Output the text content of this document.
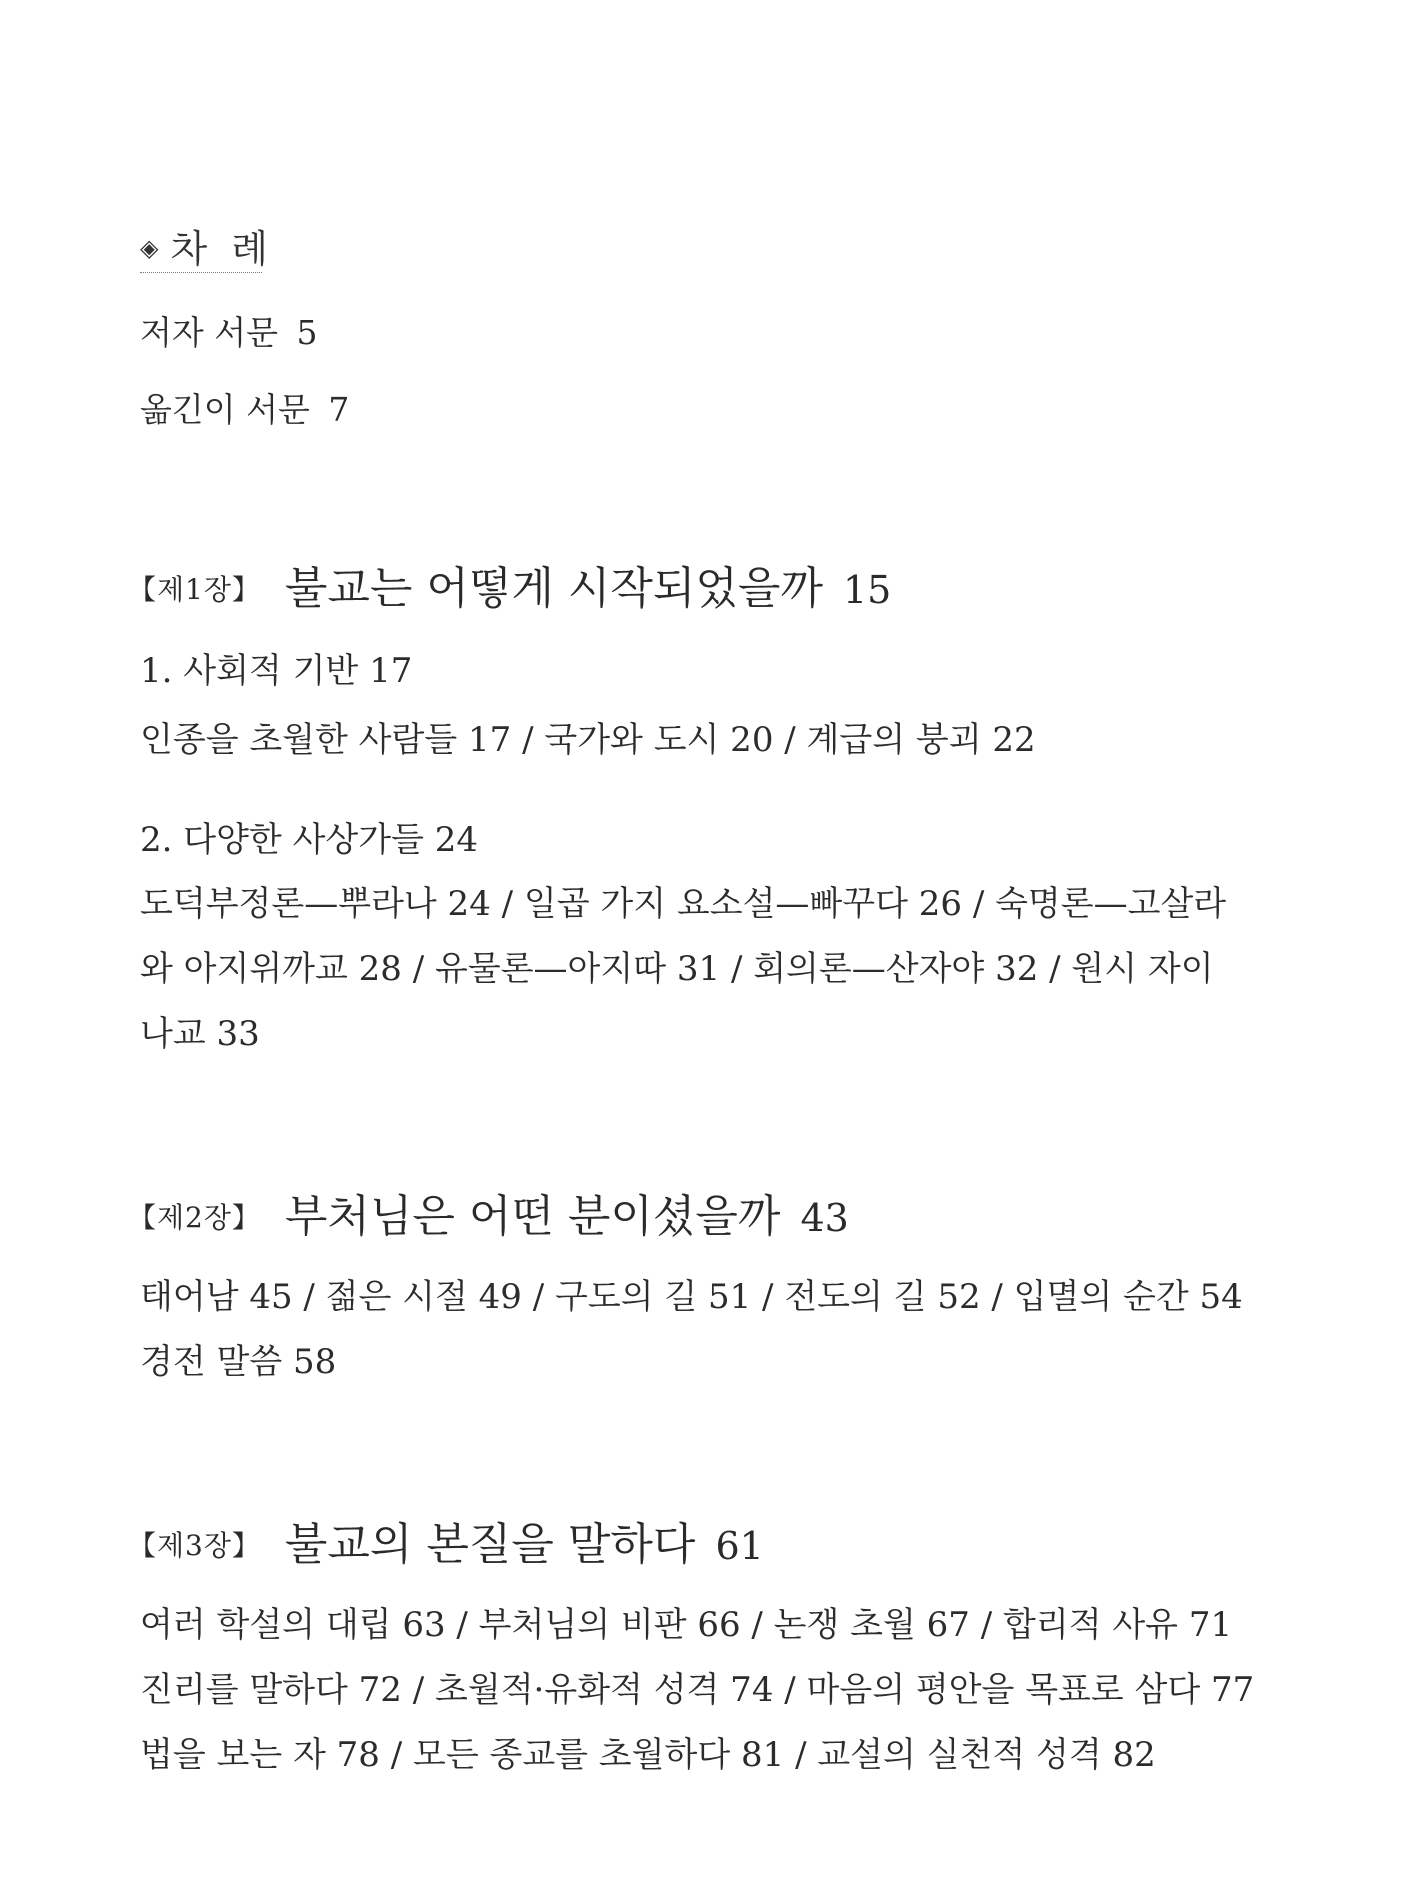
◈ 차 례
저자 서문 5
옮긴이 서문 7
【제1장】 불교는 어떻게 시작되었을까 15
1. 사회적 기반 17
인종을 초월한 사람들 17 / 국가와 도시 20 / 계급의 붕괴 22
2. 다양한 사상가들 24
도덕부정론—뿌라나 24 / 일곱 가지 요소설—빠꾸다 26 / 숙명론—고살라
와 아지위까교 28 / 유물론—아지따 31 / 회의론—산자야 32 / 원시 자이
나교 33
【제2장】 부처님은 어떤 분이셨을까 43
태어남 45 / 젊은 시절 49 / 구도의 길 51 / 전도의 길 52 / 입멸의 순간 54
경전 말씀 58
【제3장】 불교의 본질을 말하다 61
여러 학설의 대립 63 / 부처님의 비판 66 / 논쟁 초월 67 / 합리적 사유 71
진리를 말하다 72 / 초월적·유화적 성격 74 / 마음의 평안을 목표로 삼다 77
법을 보는 자 78 / 모든 종교를 초월하다 81 / 교설의 실천적 성격 82
